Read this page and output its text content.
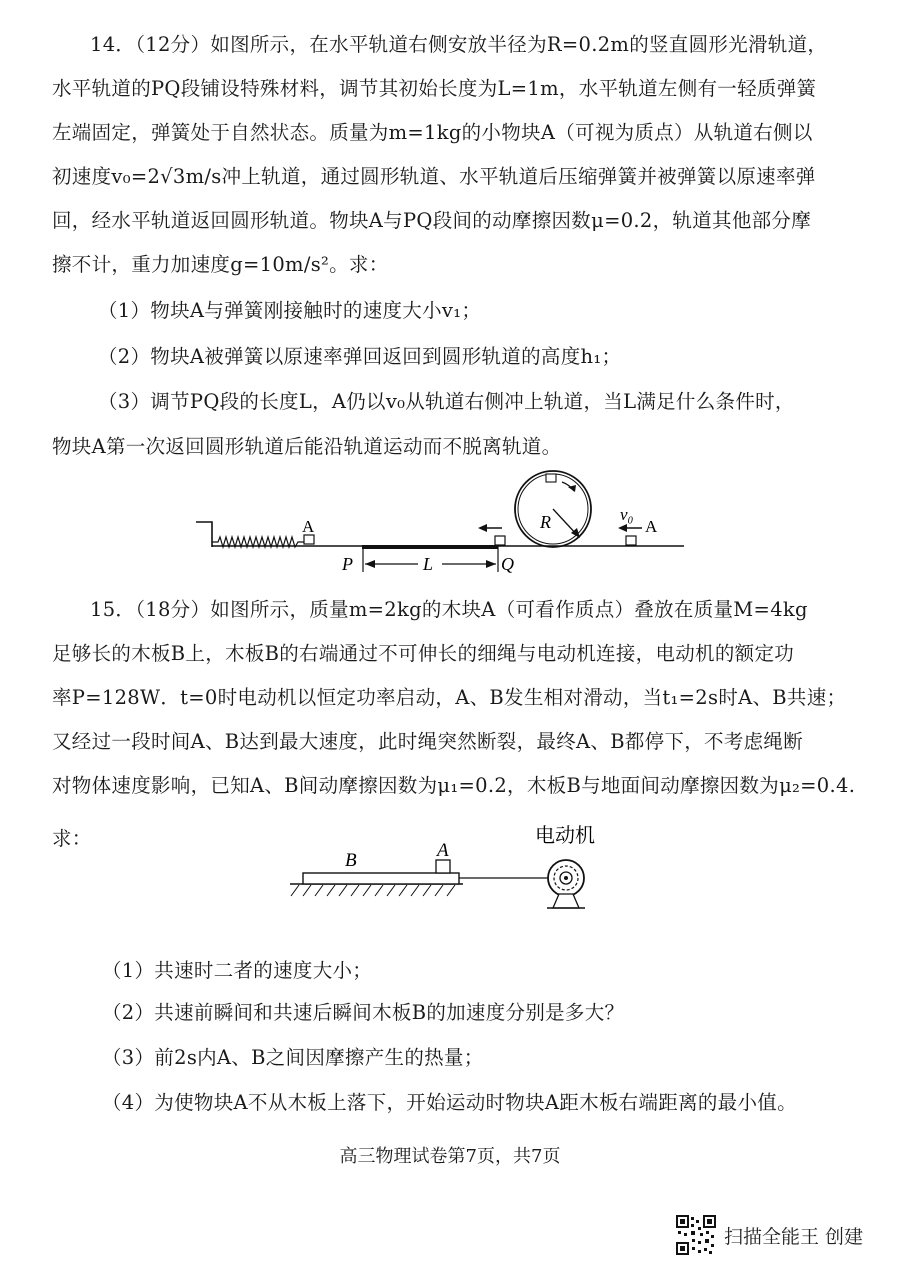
14．（12分）如图所示，在水平轨道右侧安放半径为R=0.2m的竖直圆形光滑轨道，
水平轨道的PQ段铺设特殊材料，调节其初始长度为L=1m，水平轨道左侧有一轻质弹簧
左端固定，弹簧处于自然状态。质量为m=1kg的小物块A（可视为质点）从轨道右侧以
初速度v₀=2√3m/s冲上轨道，通过圆形轨道、水平轨道后压缩弹簧并被弹簧以原速率弹
回，经水平轨道返回圆形轨道。物块A与PQ段间的动摩擦因数μ=0.2，轨道其他部分摩
擦不计，重力加速度g=10m/s²。求：
（1）物块A与弹簧刚接触时的速度大小v₁；
（2）物块A被弹簧以原速率弹回返回到圆形轨道的高度h₁；
（3）调节PQ段的长度L，A仍以v₀从轨道右侧冲上轨道，当L满足什么条件时，
物块A第一次返回圆形轨道后能沿轨道运动而不脱离轨道。
A
L
P	Q
R	v₀
A
15．（18分）如图所示，质量m=2kg的木块A（可看作质点）叠放在质量M=4kg
足够长的木板B上，木板B的右端通过不可伸长的细绳与电动机连接，电动机的额定功
率P=128W．t=0时电动机以恒定功率启动，A、B发生相对滑动，当t₁=2s时A、B共速；
又经过一段时间A、B达到最大速度，此时绳突然断裂，最终A、B都停下，不考虑绳断
对物体速度影响，已知A、B间动摩擦因数为μ₁=0.2，木板B与地面间动摩擦因数为μ₂=0.4.
求：	电动机
B	A
（1）共速时二者的速度大小；
（2）共速前瞬间和共速后瞬间木板B的加速度分别是多大？
（3）前2s内A、B之间因摩擦产生的热量；
（4）为使物块A不从木板上落下，开始运动时物块A距木板右端距离的最小值。
高三物理试卷第7页，共7页
扫描全能王 创建
